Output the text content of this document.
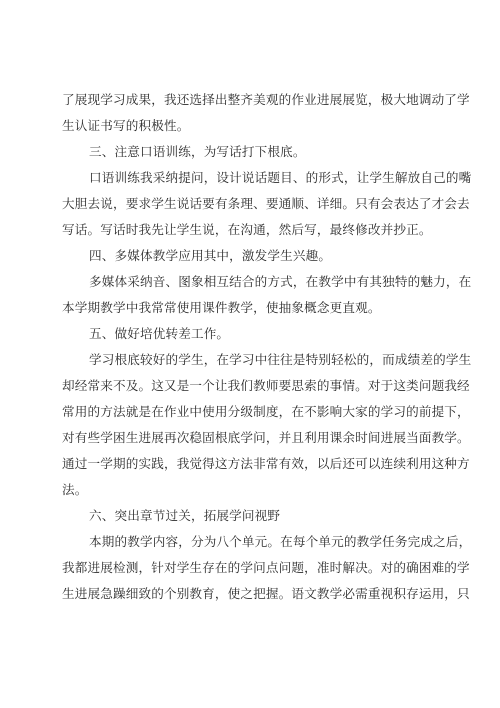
了展现学习成果，我还选择出整齐美观的作业进展展览，极大地调动了学
生认证书写的积极性。
三、注意口语训练，为写话打下根底。
口语训练我采纳提问，设计说话题目、的形式，让学生解放自己的嘴
大胆去说，要求学生说话要有条理、要通顺、详细。只有会表达了才会去
写话。写话时我先让学生说，在沟通，然后写，最终修改并抄正。
四、多媒体教学应用其中，激发学生兴趣。
多媒体采纳音、图象相互结合的方式，在教学中有其独特的魅力，在
本学期教学中我常常使用课件教学，使抽象概念更直观。
五、做好培优转差工作。
学习根底较好的学生，在学习中往往是特别轻松的，而成绩差的学生
却经常来不及。这又是一个让我们教师要思索的事情。对于这类问题我经
常用的方法就是在作业中使用分级制度，在不影响大家的学习的前提下，
对有些学困生进展再次稳固根底学问，并且利用课余时间进展当面教学。
通过一学期的实践，我觉得这方法非常有效，以后还可以连续利用这种方
法。
六、突出章节过关，拓展学问视野
本期的教学内容，分为八个单元。在每个单元的教学任务完成之后，
我都进展检测，针对学生存在的学问点问题，准时解决。对的确困难的学
生进展急躁细致的个别教育，使之把握。语文教学必需重视积存运用，只
